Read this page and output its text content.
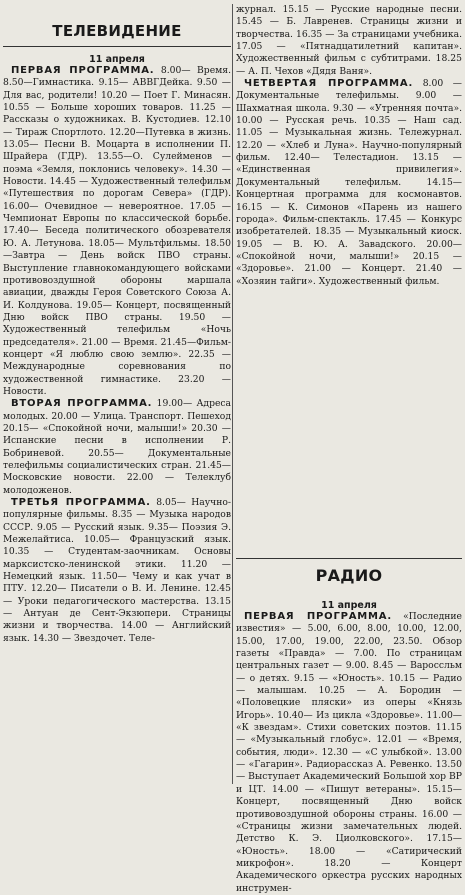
ТЕЛЕВИДЕНИЕ
11 апреля

ПЕРВАЯ ПРОГРАММА. 8.00— Время. 8.50—Гимнастика. 9.15— АВВГДейка. 9.50 — Для вас, родители! 10.20 — Поет Г. Минасян. 10.55 — Больше хороших товаров. 11.25 — Рассказы о художниках. В. Кустодиев. 12.10 — Тираж Спортлото. 12.20—Путевка в жизнь. 13.05— Песни В. Моцарта в исполнении П. Шрайера (ГДР). 13.55—О. Сулейменов — поэма «Земля, поклонись человеку». 14.30 — Новости. 14.45 — Художественный телефильм «Путешествия по дорогам Севера» (ГДР). 16.00— Очевидное — невероятное. 17.05 — Чемпионат Европы по классической борьбе. 17.40— Беседа политического обозревателя Ю. А. Летунова. 18.05— Мультфильмы. 18.50—Завтра — День войск ПВО страны. Выступление главнокомандующего войсками противовоздушной обороны маршала авиации, дважды Героя Советского Союза А. И. Колдунова. 19.05— Концерт, посвященный Дню войск ПВО страны. 19.50 — Художественный телефильм «Ночь председателя». 21.00 — Время. 21.45—Фильм-концерт «Я люблю свою землю». 22.35 — Международные соревнования по художественной гимнастике. 23.20 — Новости.

ВТОРАЯ ПРОГРАММА. 19.00— Адреса молодых. 20.00 — Улица. Транспорт. Пешеход 20.15— «Спокойной ночи, малыши!» 20.30 — Испанские песни в исполнении Р. Бобриневой. 20.55— Документальные телефильмы социалистических стран. 21.45— Московские новости. 22.00 — Телеклуб молодоженов.

ТРЕТЬЯ ПРОГРАММА. 8.05— Научно-популярные фильмы. 8.35 — Музыка народов СССР. 9.05 — Русский язык. 9.35— Поэзия Э. Межелайтиса. 10.05— Французский язык. 10.35 — Студентам-заочникам. Основы марксистско-ленинской этики. 11.20 — Немецкий язык. 11.50— Чему и как учат в ПТУ. 12.20— Писатели о В. И. Ленине. 12.45— Уроки педагогического мастерства. 13.15 — Антуан де Сент-Экзюпери. Страницы жизни и творчества. 14.00 — Английский язык. 14.30 — Звездочет. Теле-

журнал. 15.15 — Русские народные песни. 15.45 — Б. Лавренев. Страницы жизни и творчества. 16.35 — За страницами учебника. 17.05 — «Пятнадцатилетний капитан». Художественный фильм с субтитрами. 18.25 — А. П. Чехов «Дядя Ваня».

ЧЕТВЕРТАЯ ПРОГРАММА. 8.00 — Документальные телефильмы. 9.00 — Шахматная школа. 9.30 — «Утренняя почта». 10.00 — Русская речь. 10.35 — Наш сад. 11.05 — Музыкальная жизнь. Тележурнал. 12.20 — «Хлеб и Луна». Научно-популярный фильм. 12.40— Телестадион. 13.15 — «Единственная привилегия». Документальный телефильм. 14.15— Концертная программа для космонавтов. 16.15 — К. Симонов «Парень из нашего города». Фильм-спектакль. 17.45 — Конкурс изобретателей. 18.35 — Музыкальный киоск. 19.05 — В. Ю. А. Завадского. 20.00— «Спокойной ночи, малыши!» 20.15 — «Здоровье». 21.00 — Концерт. 21.40 — «Хозяин тайги». Художественный фильм.

РАДИО
11 апреля

ПЕРВАЯ ПРОГРАММА. «Последние известия» — 5.00, 6.00, 8.00, 10.00, 12.00, 15.00, 17.00, 19.00, 22.00, 23.50. Обзор газеты «Правда» — 7.00. По страницам центральных газет — 9.00. 8.45 — Вароссльм — о детях. 9.15 — «Юность». 10.15 — Радио — малышам. 10.25 — А. Бородин — «Половецкие пляски» из оперы «Князь Игорь». 10.40— Из цикла «Здоровье». 11.00— «К звездам». Стихи советских поэтов. 11.15 — «Музыкальный глобус». 12.01 — «Время, события, люди». 12.30 — «С улыбкой». 13.00 — «Гагарин». Радиорассказ А. Ревенко. 13.50 — Выступает Академический Большой хор ВР и ЦТ. 14.00 — «Пишут ветераны». 15.15—Концерт, посвященный Дню войск противовоздушной обороны страны. 16.00 — «Страницы жизни замечательных людей. Детство К. Э. Циолковского». 17.15— «Юность». 18.00 — «Сатирический микрофон». 18.20 — Концерт Академического оркестра русских народных инструмен-
